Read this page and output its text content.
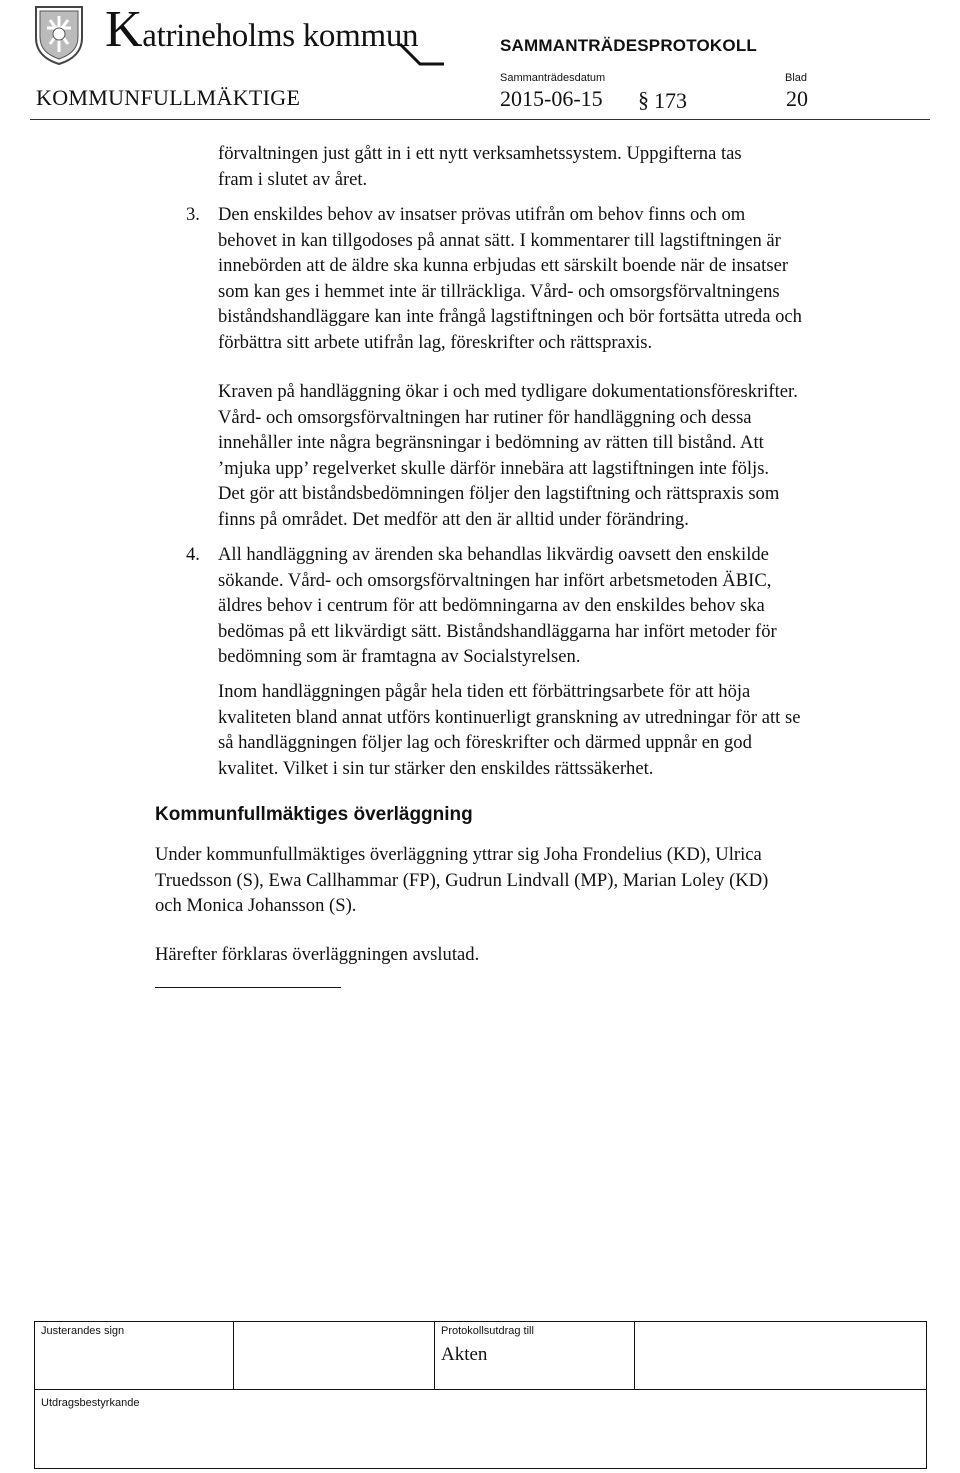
Katrineholms kommun	SAMMANTRÄDESPROTOKOLL
KOMMUNFULLMÄKTIGE
Sammanträdesdatum
2015-06-15 § 173
Blad
20
förvaltningen just gått in i ett nytt verksamhetssystem. Uppgifterna tas
fram i slutet av året.
3. Den enskildes behov av insatser prövas utifrån om behov finns och om
behovet in kan tillgodoses på annat sätt. I kommentarer till lagstiftningen är
innebörden att de äldre ska kunna erbjudas ett särskilt boende när de insatser
som kan ges i hemmet inte är tillräckliga. Vård- och omsorgsförvaltningens
biståndshandläggare kan inte frångå lagstiftningen och bör fortsätta utreda och
förbättra sitt arbete utifrån lag, föreskrifter och rättspraxis.
Kraven på handläggning ökar i och med tydligare dokumentationsföreskrifter.
Vård- och omsorgsförvaltningen har rutiner för handläggning och dessa
innehåller inte några begränsningar i bedömning av rätten till bistånd. Att
’mjuka upp’ regelverket skulle därför innebära att lagstiftningen inte följs.
Det gör att biståndsbedömningen följer den lagstiftning och rättspraxis som
finns på området. Det medför att den är alltid under förändring.
4. All handläggning av ärenden ska behandlas likvärdig oavsett den enskilde
sökande. Vård- och omsorgsförvaltningen har infört arbetsmetoden ÄBIC,
äldres behov i centrum för att bedömningarna av den enskildes behov ska
bedömas på ett likvärdigt sätt. Biståndshandläggarna har infört metoder för
bedömning som är framtagna av Socialstyrelsen.
Inom handläggningen pågår hela tiden ett förbättringsarbete för att höja
kvaliteten bland annat utförs kontinuerligt granskning av utredningar för att se
så handläggningen följer lag och föreskrifter och därmed uppnår en god
kvalitet. Vilket i sin tur stärker den enskildes rättssäkerhet.
Kommunfullmäktiges överläggning
Under kommunfullmäktiges överläggning yttrar sig Joha Frondelius (KD), Ulrica
Truedsson (S), Ewa Callhammar (FP), Gudrun Lindvall (MP), Marian Loley (KD)
och Monica Johansson (S).
Härefter förklaras överläggningen avslutad.
Justerandes sign	Protokollsutdrag till
Akten
Utdragsbestyrkande
